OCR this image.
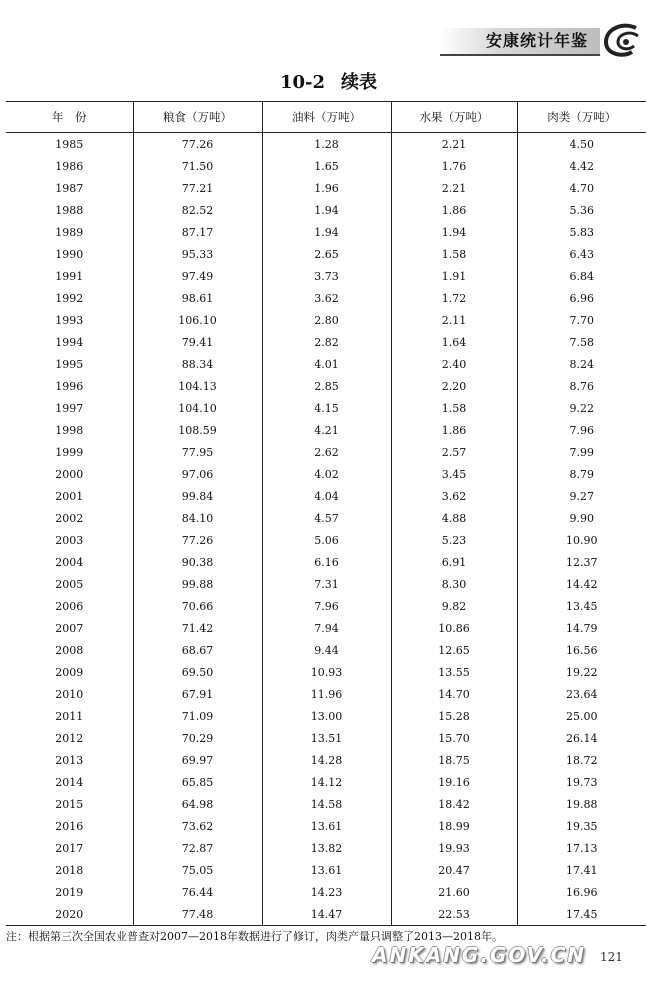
安康统计年鉴
10-2 续表
年　份	粮食（万吨）	油料（万吨）	水果（万吨）	肉类（万吨）
1985	77.26	1.28	2.21	4.50
1986	71.50	1.65	1.76	4.42
1987	77.21	1.96	2.21	4.70
1988	82.52	1.94	1.86	5.36
1989	87.17	1.94	1.94	5.83
1990	95.33	2.65	1.58	6.43
1991	97.49	3.73	1.91	6.84
1992	98.61	3.62	1.72	6.96
1993	106.10	2.80	2.11	7.70
1994	79.41	2.82	1.64	7.58
1995	88.34	4.01	2.40	8.24
1996	104.13	2.85	2.20	8.76
1997	104.10	4.15	1.58	9.22
1998	108.59	4.21	1.86	7.96
1999	77.95	2.62	2.57	7.99
2000	97.06	4.02	3.45	8.79
2001	99.84	4.04	3.62	9.27
2002	84.10	4.57	4.88	9.90
2003	77.26	5.06	5.23	10.90
2004	90.38	6.16	6.91	12.37
2005	99.88	7.31	8.30	14.42
2006	70.66	7.96	9.82	13.45
2007	71.42	7.94	10.86	14.79
2008	68.67	9.44	12.65	16.56
2009	69.50	10.93	13.55	19.22
2010	67.91	11.96	14.70	23.64
2011	71.09	13.00	15.28	25.00
2012	70.29	13.51	15.70	26.14
2013	69.97	14.28	18.75	18.72
2014	65.85	14.12	19.16	19.73
2015	64.98	14.58	18.42	19.88
2016	73.62	13.61	18.99	19.35
2017	72.87	13.82	19.93	17.13
2018	75.05	13.61	20.47	17.41
2019	76.44	14.23	21.60	16.96
2020	77.48	14.47	22.53	17.45
注：根据第三次全国农业普查对2007—2018年数据进行了修订，肉类产量只调整了2013—2018年。
ANKANG.GOV.CN 121
